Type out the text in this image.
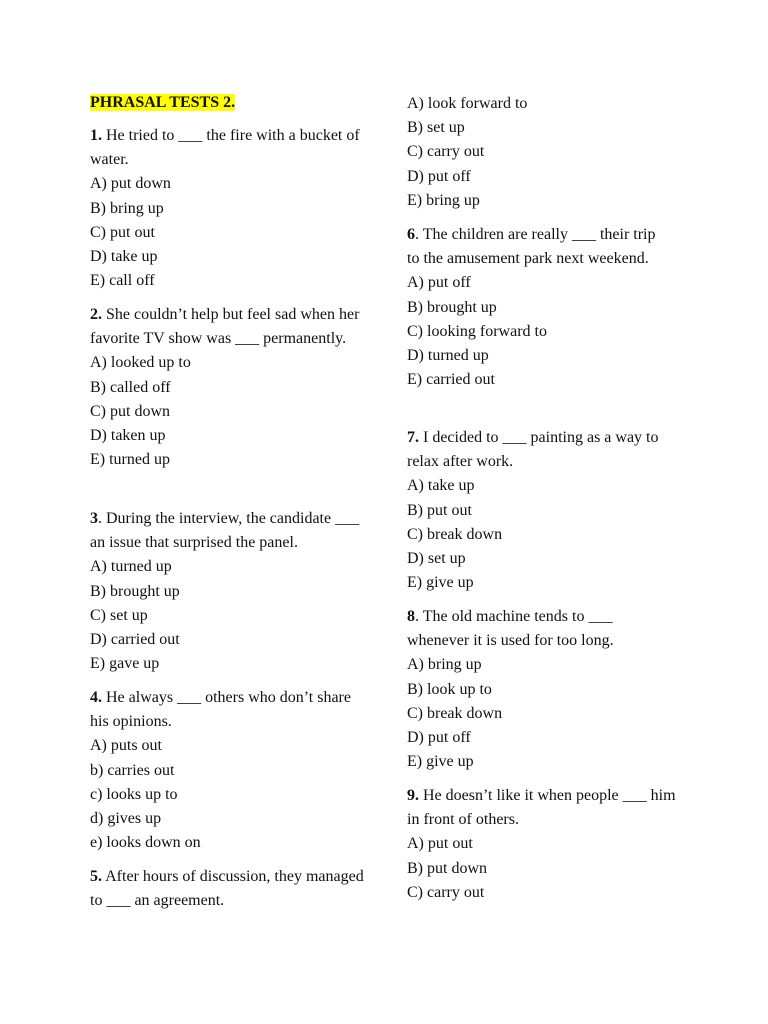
PHRASAL TESTS 2.

1. He tried to ___ the fire with a bucket of water.

A) put down
B) bring up
C) put out
D) take up
E) call off

2. She couldn’t help but feel sad when her favorite TV show was ___ permanently.

A) looked up to
B) called off
C) put down
D) taken up
E) turned up

3. During the interview, the candidate ___ an issue that surprised the panel.

A) turned up
B) brought up
C) set up
D) carried out
E) gave up

4. He always ___ others who don’t share his opinions.

A) puts out
b) carries out
c) looks up to
d) gives up
e) looks down on

5. After hours of discussion, they managed to ___ an agreement.

A) look forward to
B) set up
C) carry out
D) put off
E) bring up

6. The children are really ___ their trip to the amusement park next weekend.

A) put off
B) brought up
C) looking forward to
D) turned up
E) carried out

7. I decided to ___ painting as a way to relax after work.

A) take up
B) put out
C) break down
D) set up
E) give up

8. The old machine tends to ___ whenever it is used for too long.

A) bring up
B) look up to
C) break down
D) put off
E) give up

9. He doesn’t like it when people ___ him in front of others.

A) put out
B) put down
C) carry out
